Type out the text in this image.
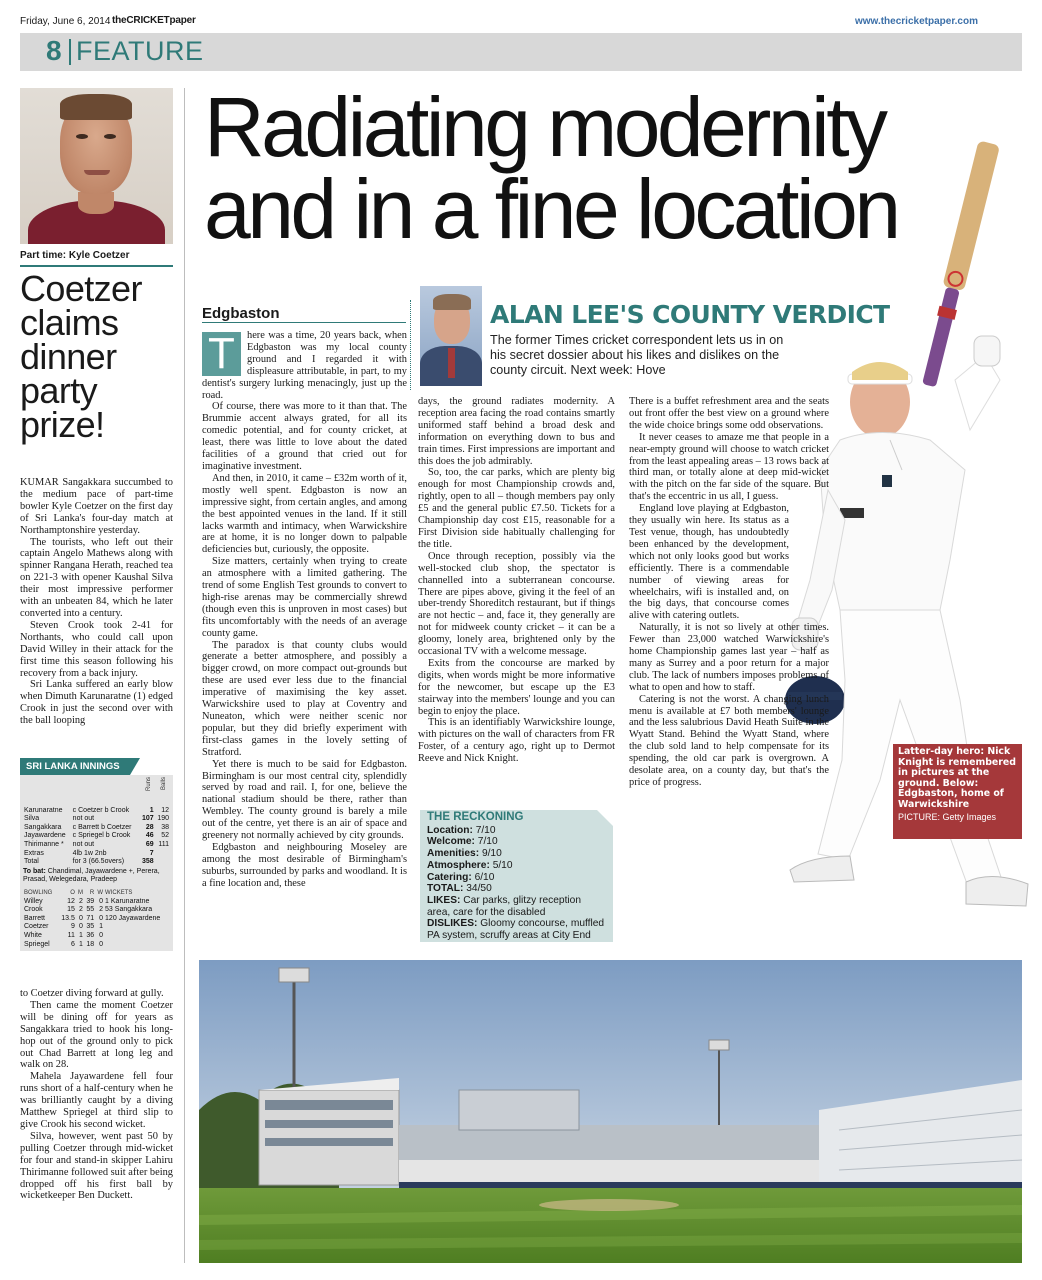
Friday, June 6, 2014 theCRICKETpaper	www.thecricketpaper.com
8 FEATURE
Part time: Kyle Coetzer
Coetzer claims dinner party prize!

KUMAR Sangakkara succumbed to the medium pace of part-time bowler Kyle Coetzer on the first day of Sri Lanka's four-day match at Northamptonshire yesterday.

The tourists, who left out their captain Angelo Mathews along with spinner Rangana Herath, reached tea on 221-3 with opener Kaushal Silva their most impressive performer with an unbeaten 84, which he later converted into a century.

Steven Crook took 2-41 for Northants, who could call upon David Willey in their attack for the first time this season following his recovery from a back injury.

Sri Lanka suffered an early blow when Dimuth Karunaratne (1) edged Crook in just the second over with the ball looping

SRI LANKA INNINGS
		Runs	Balls
Karunaratne	c Coetzer b Crook	1	12
Silva	not out	107	190
Sangakkara	c Barrett b Coetzer	28	38
Jayawardene	c Spriegel b Crook	46	52
Thirimanne *	not out	69	111
Extras	4lb 1w 2nb	7	
Total	for 3 (66.5overs)	358	
To bat: Chandimal, Jayawardene +, Perera, Prasad, Welegedara, Pradeep
BOWLING	O	M	R	W	WICKETS
Willey	12	2	39	0	1 Karunaratne
Crook	15	2	55	2	53 Sangakkara
Barrett	13.5	0	71	0	120 Jayawardene
Coetzer	9	0	35	1	
White	11	1	36	0	
Spriegel	6	1	18	0	

to Coetzer diving forward at gully.

Then came the moment Coetzer will be dining off for years as Sangakkara tried to hook his long-hop out of the ground only to pick out Chad Barrett at long leg and walk on 28.

Mahela Jayawardene fell four runs short of a half-century when he was brilliantly caught by a diving Matthew Spriegel at third slip to give Crook his second wicket.

Silva, however, went past 50 by pulling Coetzer through mid-wicket for four and stand-in skipper Lahiru Thirimanne followed suit after being dropped off his first ball by wicketkeeper Ben Duckett.

Radiating modernity
and in a fine location
Edgbaston	ALAN LEE'S COUNTY VERDICT
The former Times cricket correspondent lets us in on his secret dossier about his likes and dislikes on the county circuit. Next week: Hove

T	here was a time, 20 years back, when Edgbaston was my local county ground and I regarded it with displeasure attributable, in part, to my dentist's surgery lurking menacingly, just up the road.

Of course, there was more to it than that. The Brummie accent always grated, for all its comedic potential, and for county cricket, at least, there was little to love about the dated facilities of a ground that cried out for imaginative investment.

And then, in 2010, it came – £32m worth of it, mostly well spent. Edgbaston is now an impressive sight, from certain angles, and among the best appointed venues in the land. If it still lacks warmth and intimacy, when Warwickshire are at home, it is no longer down to palpable deficiencies but, curiously, the opposite.

Size matters, certainly when trying to create an atmosphere with a limited gathering. The trend of some English Test grounds to convert to high-rise arenas may be commercially shrewd (though even this is unproven in most cases) but fits uncomfortably with the needs of an average county game.

The paradox is that county clubs would generate a better atmosphere, and possibly a bigger crowd, on more compact out-grounds but these are used ever less due to the financial imperative of maximising the key asset. Warwickshire used to play at Coventry and Nuneaton, which were neither scenic nor popular, but they did briefly experiment with first-class games in the lovely setting of Stratford.

Yet there is much to be said for Edgbaston. Birmingham is our most central city, splendidly served by road and rail. I, for one, believe the national stadium should be there, rather than Wembley. The county ground is barely a mile out of the centre, yet there is an air of space and greenery not normally achieved by city grounds.

Edgbaston and neighbouring Moseley are among the most desirable of Birmingham's suburbs, surrounded by parks and woodland. It is a fine location and, these

days, the ground radiates modernity. A reception area facing the road contains smartly uniformed staff behind a broad desk and information on everything down to bus and train times. First impressions are important and this does the job admirably.

So, too, the car parks, which are plenty big enough for most Championship crowds and, rightly, open to all – though members pay only £5 and the general public £7.50. Tickets for a Championship day cost £15, reasonable for a First Division side habitually challenging for the title.

Once through reception, possibly via the well-stocked club shop, the spectator is channelled into a subterranean concourse. There are pipes above, giving it the feel of an uber-trendy Shoreditch restaurant, but if things are not hectic – and, face it, they generally are not for midweek county cricket – it can be a gloomy, lonely area, brightened only by the occasional TV with a welcome message.

Exits from the concourse are marked by digits, when words might be more informative for the newcomer, but escape up the E3 stairway into the members' lounge and you can begin to enjoy the place.

This is an identifiably Warwickshire lounge, with pictures on the wall of characters from FR Foster, of a century ago, right up to Dermot Reeve and Nick Knight.

THE RECKONING
Location: 7/10
Welcome: 7/10
Amenities: 9/10
Atmosphere: 5/10
Catering: 6/10
TOTAL: 34/50
LIKES: Car parks, glitzy reception area, care for the disabled
DISLIKES: Gloomy concourse, muffled PA system, scruffy areas at City End

There is a buffet refreshment area and the seats out front offer the best view on a ground where the wide choice brings some odd observations.

It never ceases to amaze me that people in a near-empty ground will choose to watch cricket from the least appealing areas – 13 rows back at third man, or totally alone at deep mid-wicket with the pitch on the far side of the square. But that's the eccentric in us all, I guess.

England love playing at Edgbaston, they usually win here. Its status as a Test venue, though, has undoubtedly been enhanced by the development, which not only looks good but works efficiently. There is a commendable number of viewing areas for wheelchairs, wifi is installed and, on the big days, that concourse comes alive with catering outlets.

Naturally, it is not so lively at other times. Fewer than 23,000 watched Warwickshire's home Championship games last year – half as many as Surrey and a poor return for a major club. The lack of numbers imposes problems of what to open and how to staff.

Catering is not the worst. A changing lunch menu is available at £7 both members' lounge and the less salubrious David Heath Suite in the Wyatt Stand. Behind the Wyatt Stand, where the club sold land to help compensate for its spending, the old car park is overgrown. A desolate area, on a county day, but that's the price of progress.

Latter-day hero: Nick Knight is remembered in pictures at the ground. Below: Edgbaston, home of Warwickshire
PICTURE: Getty Images
